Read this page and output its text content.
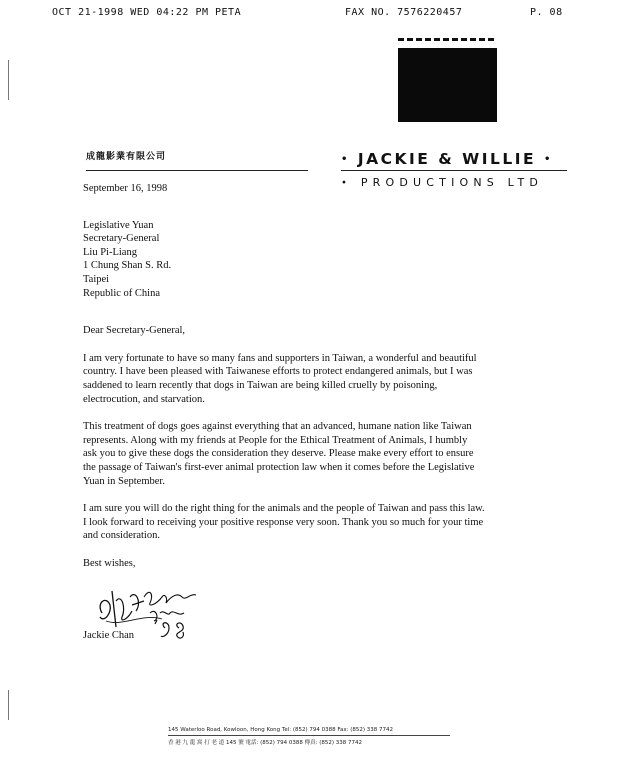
OCT 21-1998 WED 04:22 PM PETA	FAX NO. 7576220457	P. 08
成龍影業有限公司	• JACKIE & WILLIE •
• PRODUCTIONS LTD
September 16, 1998
Legislative Yuan
Secretary-General
Liu Pi-Liang
1 Chung Shan S. Rd.
Taipei
Republic of China
Dear Secretary-General,

I am very fortunate to have so many fans and supporters in Taiwan, a wonderful and beautiful

country. I have been pleased with Taiwanese efforts to protect endangered animals, but I was

saddened to learn recently that dogs in Taiwan are being killed cruelly by poisoning,

electrocution, and starvation.

This treatment of dogs goes against everything that an advanced, humane nation like Taiwan

represents. Along with my friends at People for the Ethical Treatment of Animals, I humbly

ask you to give these dogs the consideration they deserve. Please make every effort to ensure

the passage of Taiwan's first-ever animal protection law when it comes before the Legislative

Yuan in September.

I am sure you will do the right thing for the animals and the people of Taiwan and pass this law.

I look forward to receiving your positive response very soon. Thank you so much for your time

and consideration.

Best wishes,
Jackie Chan
145 Waterloo Road, Kowloon, Hong Kong Tel: (852) 794 0388 Fax: (852) 338 7742
香 港 九 龍 窩 打 老 道 145 號 電話: (852) 794 0388 傳真: (852) 338 7742
